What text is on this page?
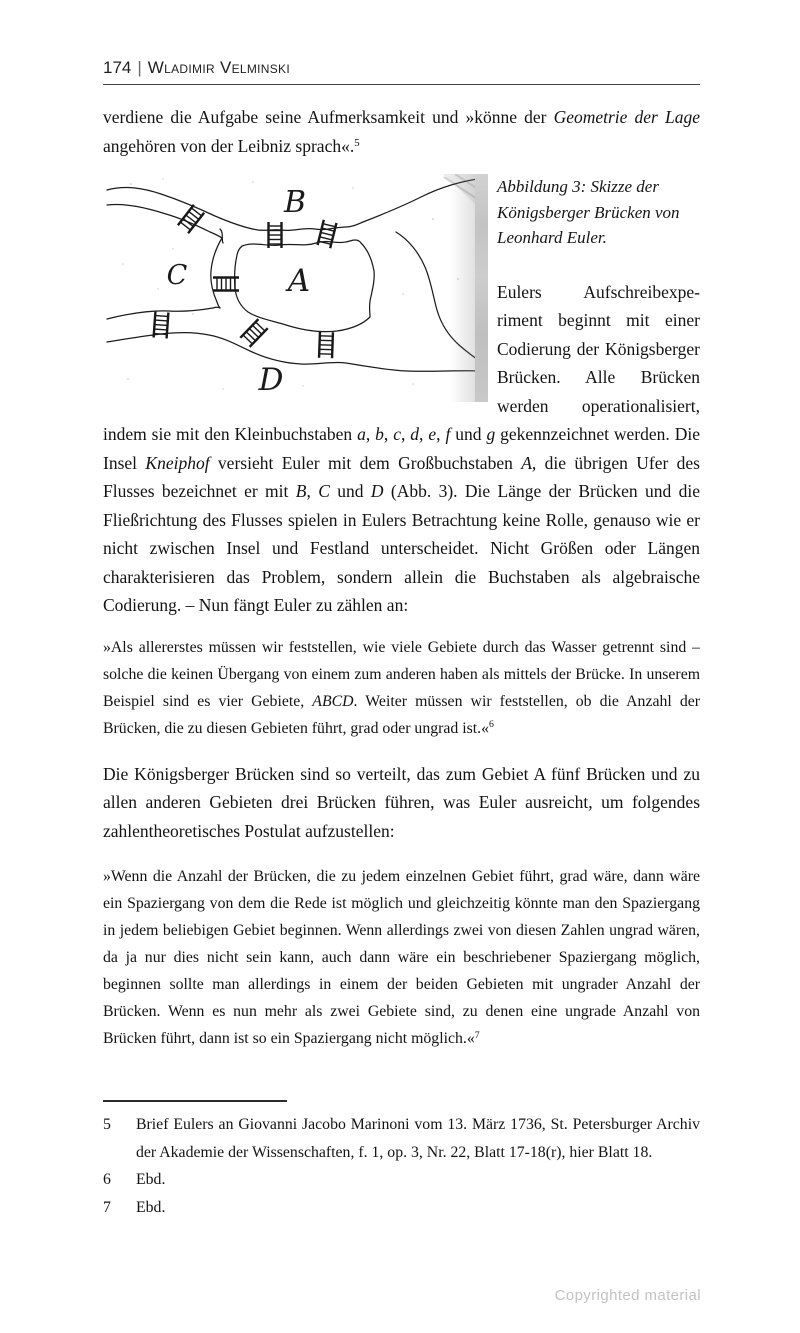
174 | Wladimir Velminski

verdiene die Aufgabe seine Aufmerksamkeit und »könne der Geometrie der Lage angehören von der Leibniz sprach«.$^5$

B
C	A
D

Abbildung 3: Skizze der Königsberger Brücken von Leonhard Euler.

Eulers Aufschreibexperiment beginnt mit einer Codierung der Königsberger Brücken. Alle Brücken werden operationalisiert, indem sie mit den Kleinbuchstaben a, b, c, d, e, f und g gekennzeichnet werden. Die Insel Kneiphof versieht Euler mit dem Großbuchstaben A, die übrigen Ufer des Flusses bezeichnet er mit B, C und D (Abb. 3). Die Länge der Brücken und die Fließrichtung des Flusses spielen in Eulers Betrachtung keine Rolle, genauso wie er nicht zwischen Insel und Festland unterscheidet. Nicht Größen oder Längen charakterisieren das Problem, sondern allein die Buchstaben als algebraische Codierung. – Nun fängt Euler zu zählen an:

»Als allererstes müssen wir feststellen, wie viele Gebiete durch das Wasser getrennt sind – solche die keinen Übergang von einem zum anderen haben als mittels der Brücke. In unserem Beispiel sind es vier Gebiete, ABCD. Weiter müssen wir feststellen, ob die Anzahl der Brücken, die zu diesen Gebieten führt, grad oder ungrad ist.«$^6$

Die Königsberger Brücken sind so verteilt, das zum Gebiet A fünf Brücken und zu allen anderen Gebieten drei Brücken führen, was Euler ausreicht, um folgendes zahlentheoretisches Postulat aufzustellen:

»Wenn die Anzahl der Brücken, die zu jedem einzelnen Gebiet führt, grad wäre, dann wäre ein Spaziergang von dem die Rede ist möglich und gleichzeitig könnte man den Spaziergang in jedem beliebigen Gebiet beginnen. Wenn allerdings zwei von diesen Zahlen ungrad wären, da ja nur dies nicht sein kann, auch dann wäre ein beschriebener Spaziergang möglich, beginnen sollte man allerdings in einem der beiden Gebieten mit ungrader Anzahl der Brücken. Wenn es nun mehr als zwei Gebiete sind, zu denen eine ungrade Anzahl von Brücken führt, dann ist so ein Spaziergang nicht möglich.«$^7$
5	Brief Eulers an Giovanni Jacobo Marinoni vom 13. März 1736, St. Petersburger Archiv der Akademie der Wissenschaften, f. 1, op. 3, Nr. 22, Blatt 17-18(r), hier Blatt 18.
6	Ebd.
7	Ebd.
Copyrighted material
